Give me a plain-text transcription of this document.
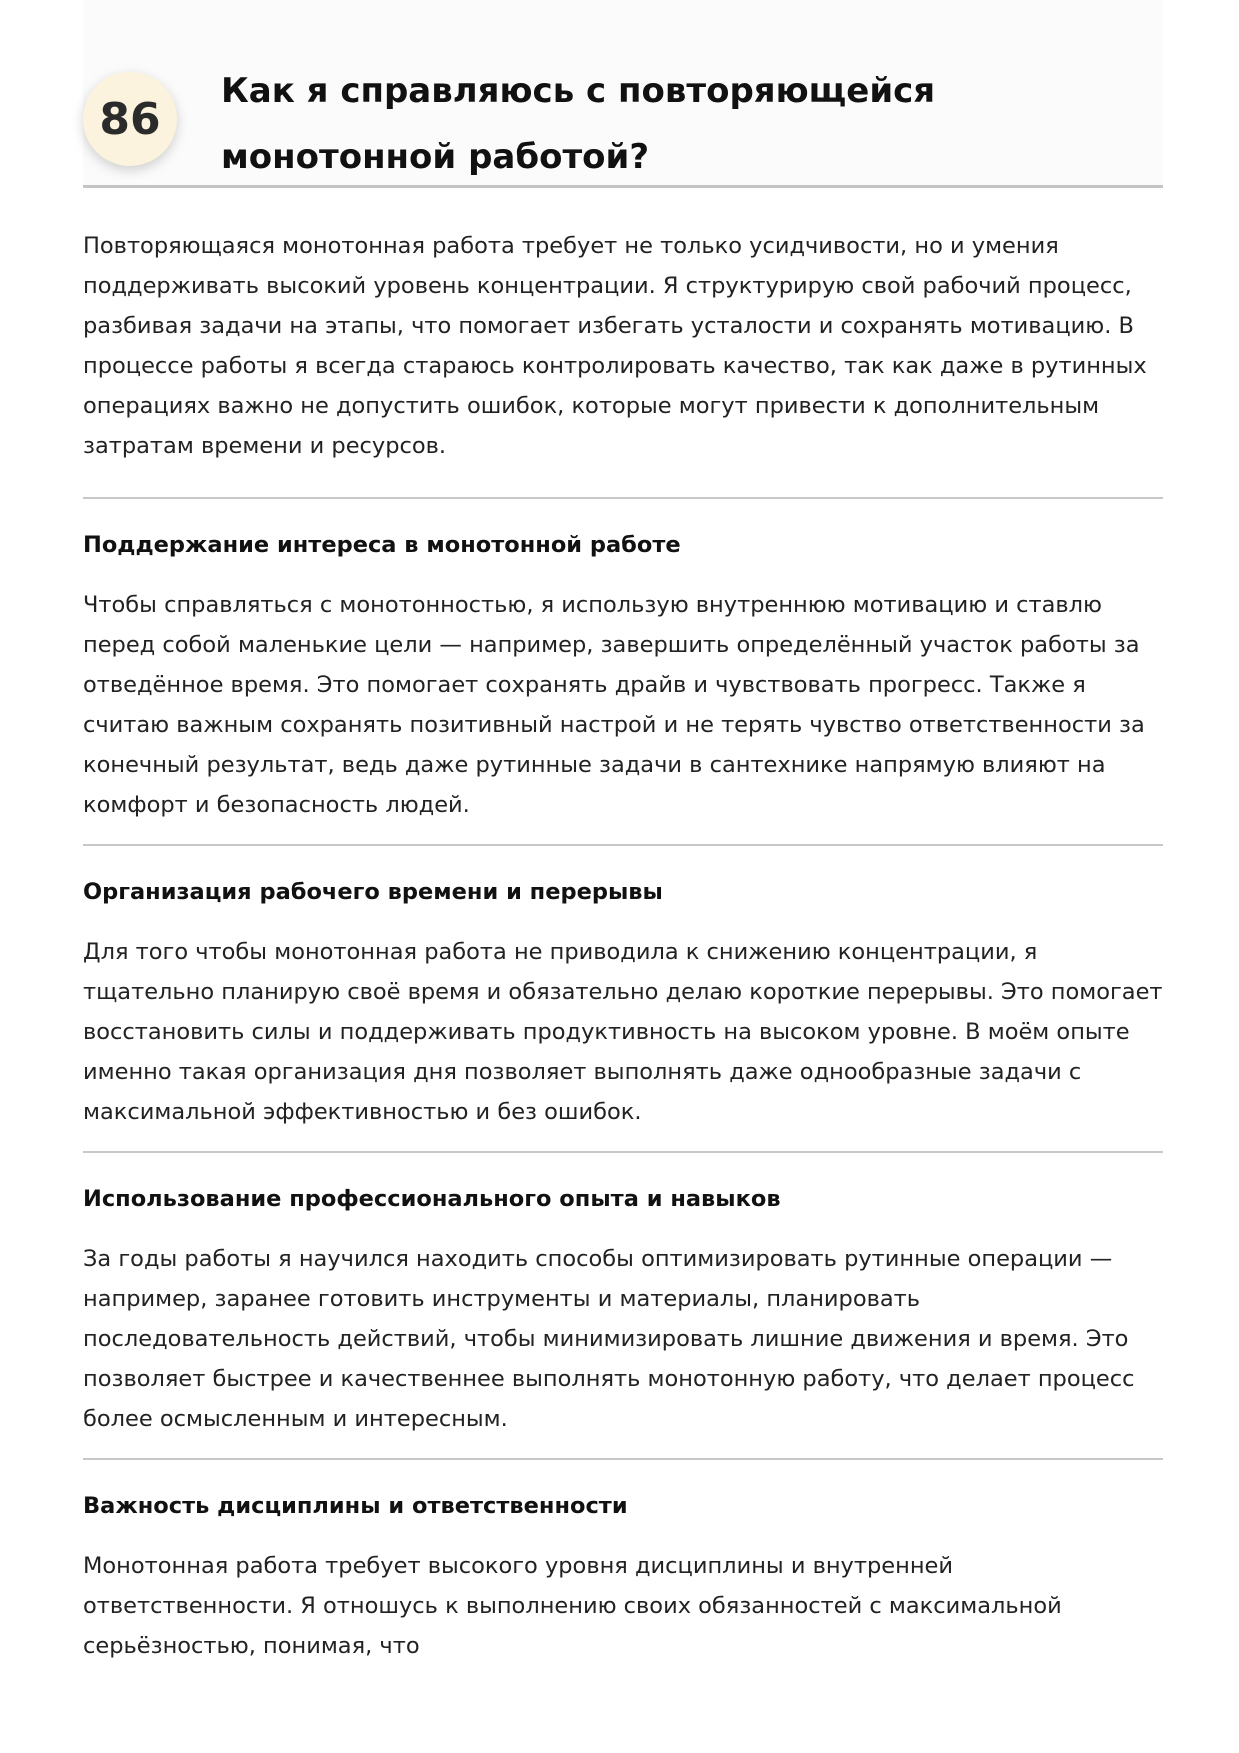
86
Как я справляюсь с повторяющейся монотонной работой?

Повторяющаяся монотонная работа требует не только усидчивости, но и умения поддерживать высокий уровень концентрации. Я структурирую свой рабочий процесс, разбивая задачи на этапы, что помогает избегать усталости и сохранять мотивацию. В процессе работы я всегда стараюсь контролировать качество, так как даже в рутинных операциях важно не допустить ошибок, которые могут привести к дополнительным затратам времени и ресурсов.

Поддержание интереса в монотонной работе

Чтобы справляться с монотонностью, я использую внутреннюю мотивацию и ставлю перед собой маленькие цели — например, завершить определённый участок работы за отведённое время. Это помогает сохранять драйв и чувствовать прогресс. Также я считаю важным сохранять позитивный настрой и не терять чувство ответственности за конечный результат, ведь даже рутинные задачи в сантехнике напрямую влияют на комфорт и безопасность людей.

Организация рабочего времени и перерывы

Для того чтобы монотонная работа не приводила к снижению концентрации, я тщательно планирую своё время и обязательно делаю короткие перерывы. Это помогает восстановить силы и поддерживать продуктивность на высоком уровне. В моём опыте именно такая организация дня позволяет выполнять даже однообразные задачи с максимальной эффективностью и без ошибок.

Использование профессионального опыта и навыков

За годы работы я научился находить способы оптимизировать рутинные операции — например, заранее готовить инструменты и материалы, планировать последовательность действий, чтобы минимизировать лишние движения и время. Это позволяет быстрее и качественнее выполнять монотонную работу, что делает процесс более осмысленным и интересным.

Важность дисциплины и ответственности

Монотонная работа требует высокого уровня дисциплины и внутренней ответственности. Я отношусь к выполнению своих обязанностей с максимальной серьёзностью, понимая, что
